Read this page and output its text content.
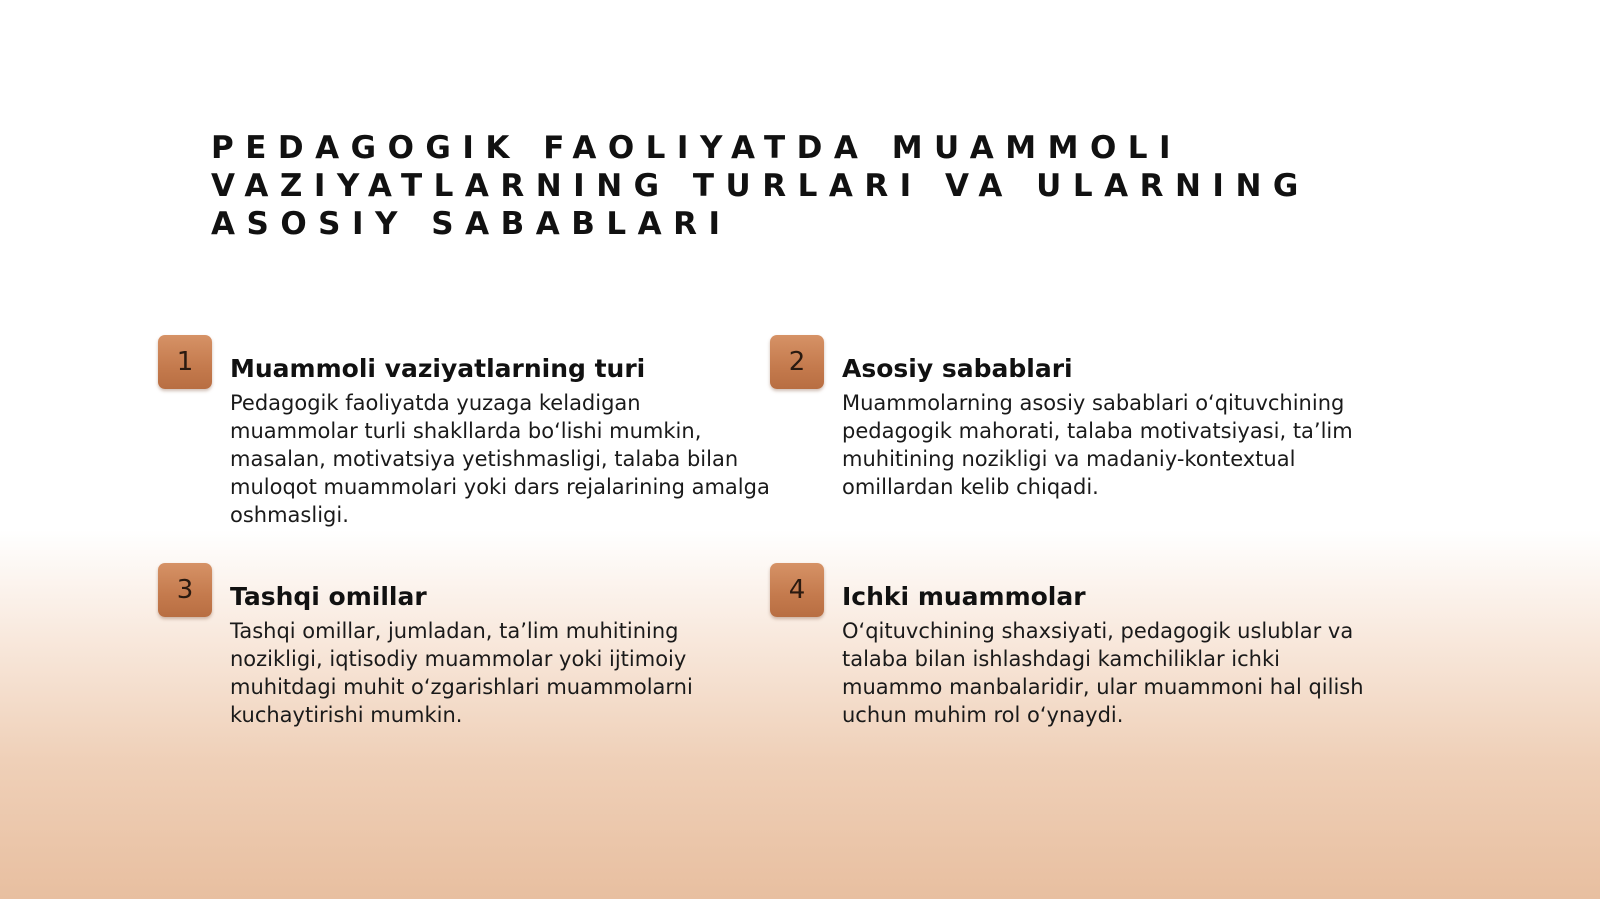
PEDAGOGIK FAOLIYATDA MUAMMOLI VAZIYATLARNING TURLARI VA ULARNING ASOSIY SABABLARI
1	Muammoli vaziyatlarning turi

Pedagogik faoliyatda yuzaga keladigan muammolar turli shakllarda bo‘lishi mumkin, masalan, motivatsiya yetishmasligi, talaba bilan muloqot muammolari yoki dars rejalarining amalga oshmasligi.

2	Asosiy sabablari

Muammolarning asosiy sabablari o‘qituvchining pedagogik mahorati, talaba motivatsiyasi, ta’lim muhitining nozikligi va madaniy-kontextual omillardan kelib chiqadi.

3	Tashqi omillar

Tashqi omillar, jumladan, ta’lim muhitining nozikligi, iqtisodiy muammolar yoki ijtimoiy muhitdagi muhit o‘zgarishlari muammolarni kuchaytirishi mumkin.

4	Ichki muammolar

O‘qituvchining shaxsiyati, pedagogik uslublar va talaba bilan ishlashdagi kamchiliklar ichki muammo manbalaridir, ular muammoni hal qilish uchun muhim rol o‘ynaydi.
